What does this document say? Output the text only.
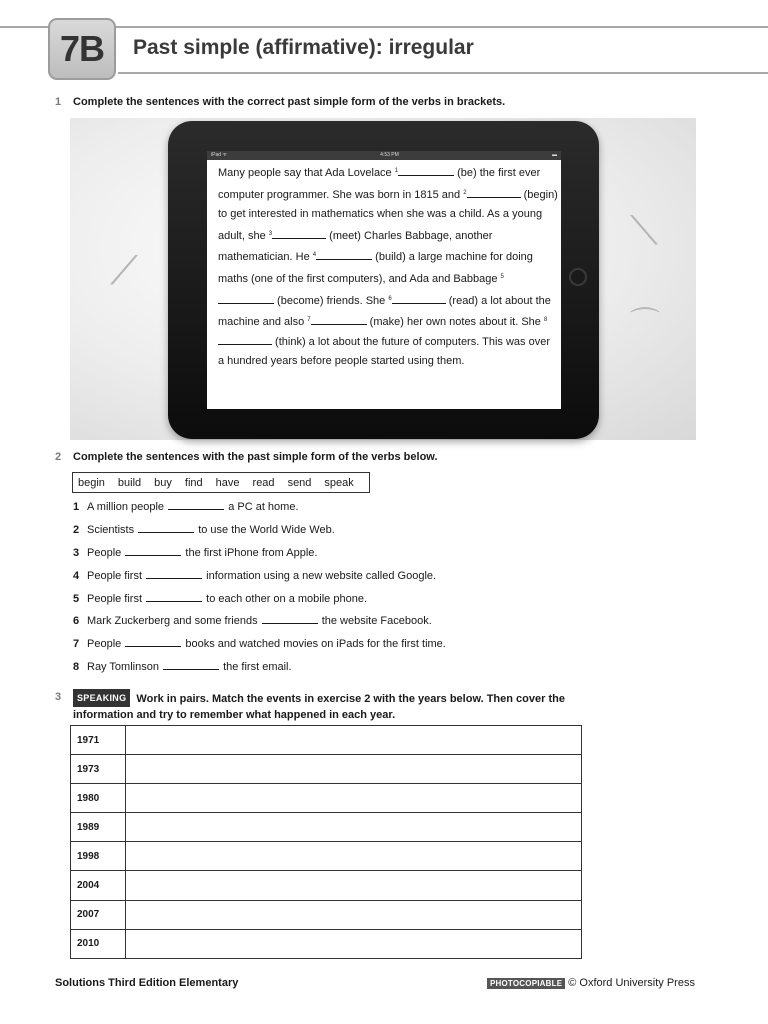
7B	Past simple (affirmative): irregular
1 Complete the sentences with the correct past simple form of the verbs in brackets.
⟋
⟍
⌒
iPad ᯤ	4:53 PM	▬
Many people say that Ada Lovelace $^1$	(be) the first ever computer programmer. She was born in 1815 and $^2$	(begin) to get interested in mathematics when she was a child. As a young adult, she $^3$	(meet) Charles Babbage, another mathematician. He $^4$	(build) a large machine for doing maths (one of the first computers), and Ada and Babbage $^5$ (become) friends. She $^6$	(read) a lot about the machine and also $^7$	(make) her own notes about it. She $^8$ (think) a lot about the future of computers. This was over a hundred years before people started using them.
2 Complete the sentences with the past simple form of the verbs below.
begin build buy find have read send speak
1 A million people	a PC at home.
2 Scientists	to use the World Wide Web.
3 People	the first iPhone from Apple.
4 People first	information using a new website called Google.
5 People first	to each other on a mobile phone.
6 Mark Zuckerberg and some friends	the website Facebook.
7 People	books and watched movies on iPads for the first time.
8 Ray Tomlinson	the first email.
3	SPEAKING Work in pairs. Match the events in exercise 2 with the years below. Then cover the information and try to remember what happened in each year.
1971	
1973	
1980	
1989	
1998	
2004	
2007	
2010	
Solutions Third Edition Elementary	PHOTOCOPIABLE © Oxford University Press
